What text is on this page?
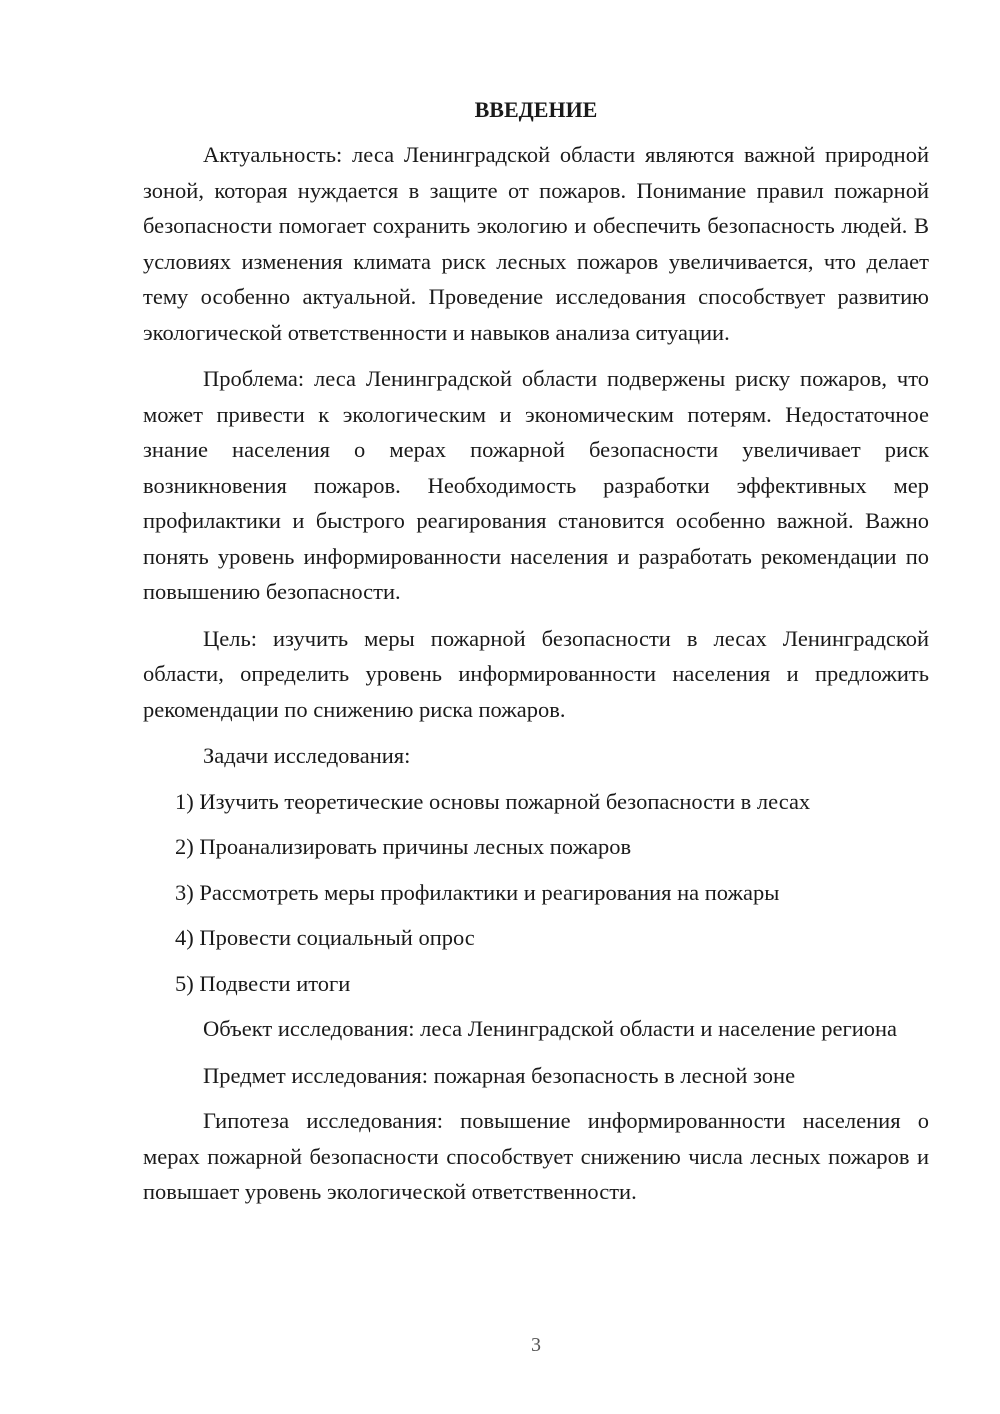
ВВЕДЕНИЕ

Актуальность: леса Ленинградской области являются важной природной зоной, которая нуждается в защите от пожаров. Понимание правил пожарной безопасности помогает сохранить экологию и обеспечить безопасность людей. В условиях изменения климата риск лесных пожаров увеличивается, что делает тему особенно актуальной. Проведение исследования способствует развитию экологической ответственности и навыков анализа ситуации.

Проблема: леса Ленинградской области подвержены риску пожаров, что может привести к экологическим и экономическим потерям. Недостаточное знание населения о мерах пожарной безопасности увеличивает риск возникновения пожаров. Необходимость разработки эффективных мер профилактики и быстрого реагирования становится особенно важной. Важно понять уровень информированности населения и разработать рекомендации по повышению безопасности.

Цель: изучить меры пожарной безопасности в лесах Ленинградской области, определить уровень информированности населения и предложить рекомендации по снижению риска пожаров.

Задачи исследования:

1) Изучить теоретические основы пожарной безопасности в лесах

2) Проанализировать причины лесных пожаров

3) Рассмотреть меры профилактики и реагирования на пожары

4) Провести социальный опрос

5) Подвести итоги

Объект исследования: леса Ленинградской области и население региона

Предмет исследования: пожарная безопасность в лесной зоне

Гипотеза исследования: повышение информированности населения о мерах пожарной безопасности способствует снижению числа лесных пожаров и повышает уровень экологической ответственности.

3
